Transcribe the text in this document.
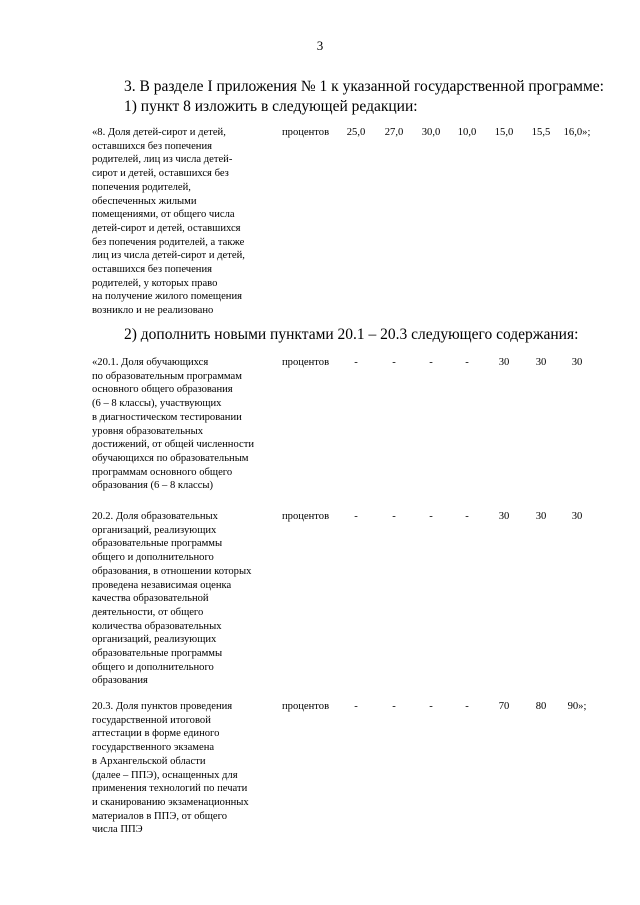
3
3. В разделе I приложения № 1 к указанной государственной программе:
1) пункт 8 изложить в следующей редакции:
«8. Доля детей-сирот и детей,
оставшихся без попечения
родителей, лиц из числа детей-
сирот и детей, оставшихся без
попечения родителей,
обеспеченных жилыми
помещениями, от общего числа
детей-сирот и детей, оставшихся
без попечения родителей, а также
лиц из числа детей-сирот и детей,
оставшихся без попечения
родителей, у которых право
на получение жилого помещения
возникло и не реализовано
процентов	25,0	27,0	30,0	10,0	15,0	15,5	16,0»;
2) дополнить новыми пунктами 20.1 – 20.3 следующего содержания:
«20.1. Доля обучающихся
по образовательным программам
основного общего образования
(6 – 8 классы), участвующих
в диагностическом тестировании
уровня образовательных
достижений, от общей численности
обучающихся по образовательным
программам основного общего
образования (6 – 8 классы)
процентов	-	-	-	-	30	30	30
20.2. Доля образовательных
организаций, реализующих
образовательные программы
общего и дополнительного
образования, в отношении которых
проведена независимая оценка
качества образовательной
деятельности, от общего
количества образовательных
организаций, реализующих
образовательные программы
общего и дополнительного
образования
процентов	-	-	-	-	30	30	30
20.3. Доля пунктов проведения
государственной итоговой
аттестации в форме единого
государственного экзамена
в Архангельской области
(далее – ППЭ), оснащенных для
применения технологий по печати
и сканированию экзаменационных
материалов в ППЭ, от общего
числа ППЭ
процентов	-	-	-	-	70	80	90»;
